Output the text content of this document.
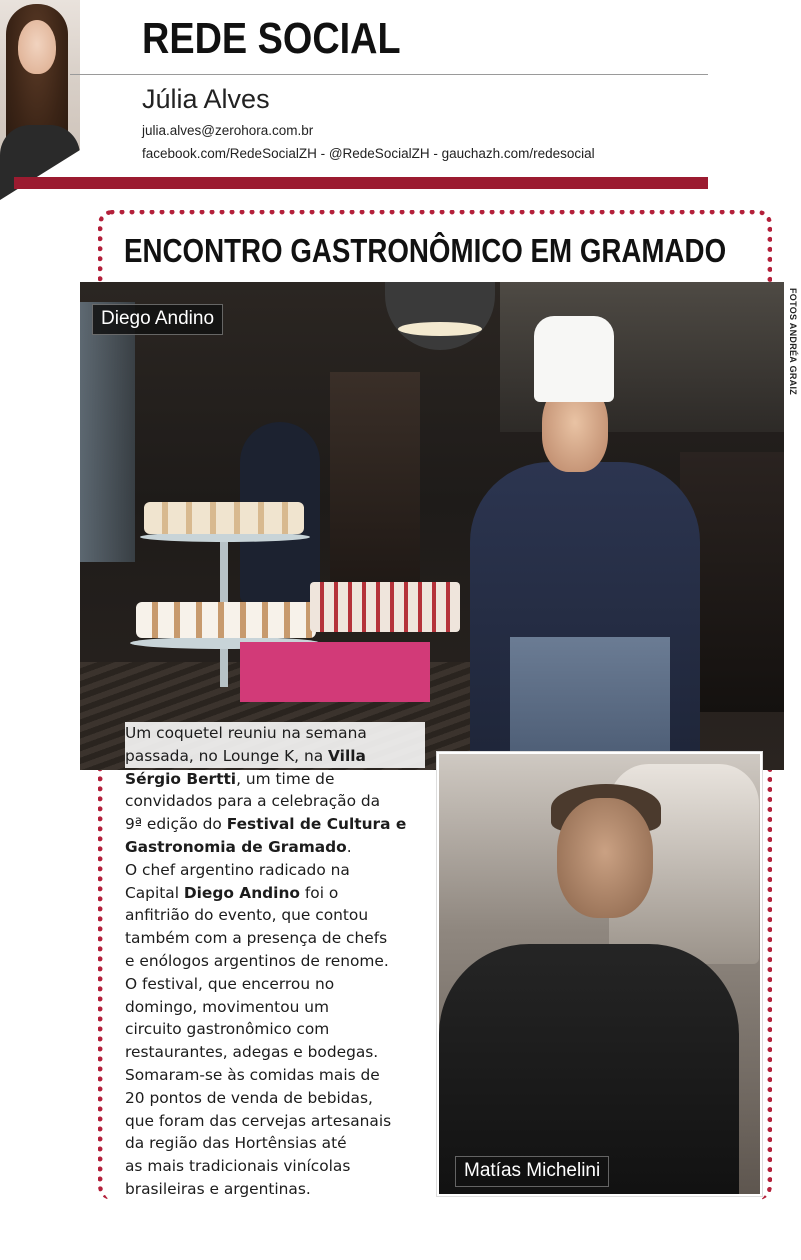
REDE SOCIAL
Júlia Alves
julia.alves@zerohora.com.br
facebook.com/RedeSocialZH - @RedeSocialZH - gauchazh.com/redesocial
ENCONTRO GASTRONÔMICO EM GRAMADO
Diego Andino	FOTOS ANDRÉA GRAIZ
Matías Michelini
Um coquetel reuniu na semana
passada, no Lounge K, na Villa
Sérgio Bertti, um time de
convidados para a celebração da
9ª edição do Festival de Cultura e
Gastronomia de Gramado.
O chef argentino radicado na
Capital Diego Andino foi o
anfitrião do evento, que contou
também com a presença de chefs
e enólogos argentinos de renome.
O festival, que encerrou no
domingo, movimentou um
circuito gastronômico com
restaurantes, adegas e bodegas.
Somaram-se às comidas mais de
20 pontos de venda de bebidas,
que foram das cervejas artesanais
da região das Hortênsias até
as mais tradicionais vinícolas
brasileiras e argentinas.
